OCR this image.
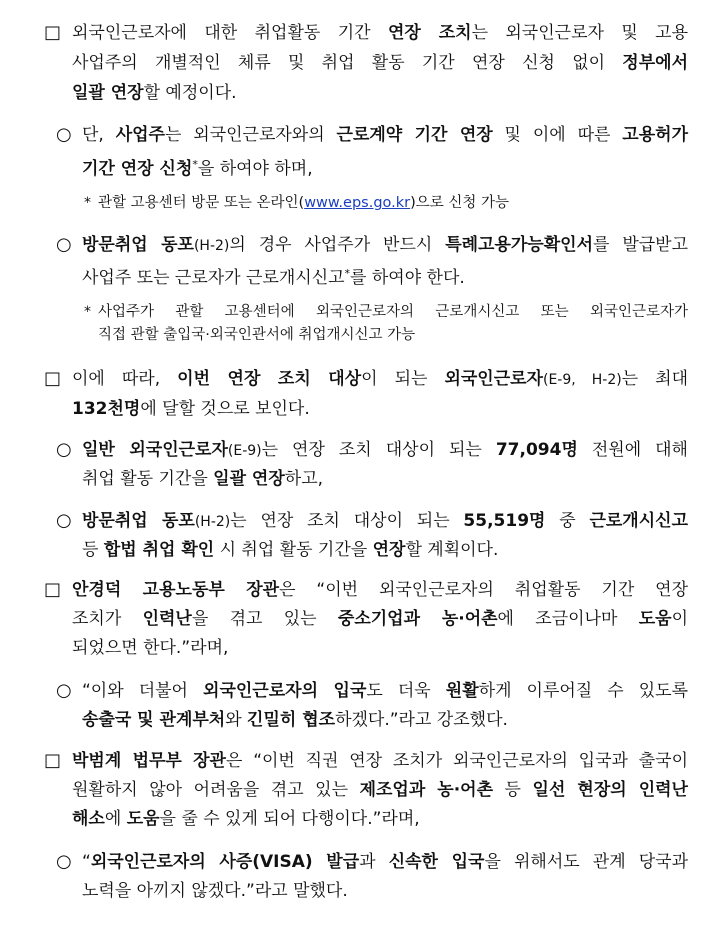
□ 외국인근로자에 대한 취업활동 기간 연장 조치는 외국인근로자 및 고용
사업주의 개별적인 체류 및 취업 활동 기간 연장 신청 없이 정부에서
일괄 연장할 예정이다.
○ 단, 사업주는 외국인근로자와의 근로계약 기간 연장 및 이에 따른 고용허가
기간 연장 신청*을 하여야 하며,
* 관할 고용센터 방문 또는 온라인(www.eps.go.kr)으로 신청 가능
○ 방문취업 동포(H-2)의 경우 사업주가 반드시 특례고용가능확인서를 발급받고
사업주 또는 근로자가 근로개시신고*를 하여야 한다.
* 사업주가 관할 고용센터에 외국인근로자의 근로개시신고 또는 외국인근로자가
직접 관할 출입국·외국인관서에 취업개시신고 가능
□ 이에 따라, 이번 연장 조치 대상이 되는 외국인근로자(E-9, H-2)는 최대
132천명에 달할 것으로 보인다.
○ 일반 외국인근로자(E-9)는 연장 조치 대상이 되는 77,094명 전원에 대해
취업 활동 기간을 일괄 연장하고,
○ 방문취업 동포(H-2)는 연장 조치 대상이 되는 55,519명 중 근로개시신고
등 합법 취업 확인 시 취업 활동 기간을 연장할 계획이다.
□ 안경덕 고용노동부 장관은 “이번 외국인근로자의 취업활동 기간 연장
조치가 인력난을 겪고 있는 중소기업과 농·어촌에 조금이나마 도움이
되었으면 한다.”라며,
○ “이와 더불어 외국인근로자의 입국도 더욱 원활하게 이루어질 수 있도록
송출국 및 관계부처와 긴밀히 협조하겠다.”라고 강조했다.
□ 박범계 법무부 장관은 “이번 직권 연장 조치가 외국인근로자의 입국과 출국이
원활하지 않아 어려움을 겪고 있는 제조업과 농·어촌 등 일선 현장의 인력난
해소에 도움을 줄 수 있게 되어 다행이다.”라며,
○ “외국인근로자의 사증(VISA) 발급과 신속한 입국을 위해서도 관계 당국과
노력을 아끼지 않겠다.”라고 말했다.
